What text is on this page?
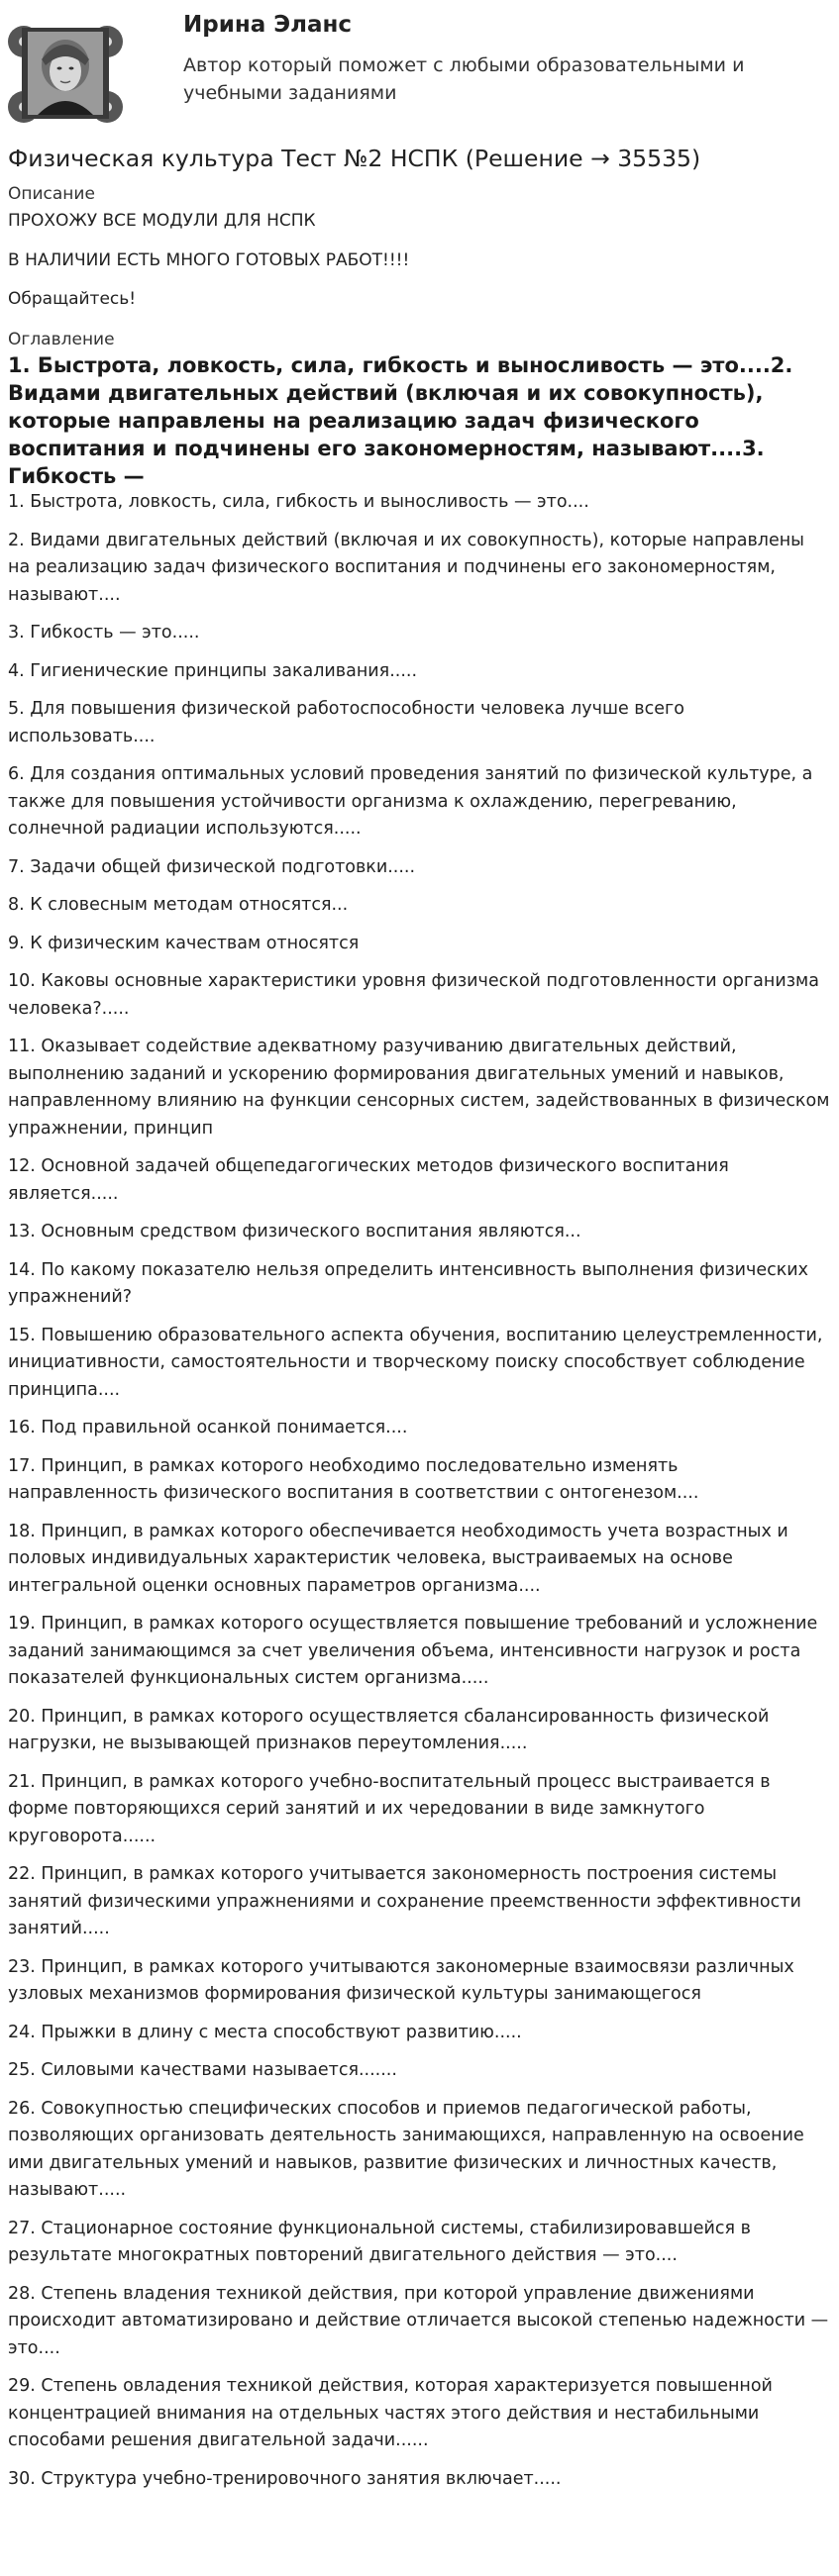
Ирина Эланс
Автор который поможет с любыми образовательными и учебными заданиями
Физическая культура Тест №2 НСПК (Решение → 35535)
Описание
ПРОХОЖУ ВСЕ МОДУЛИ ДЛЯ НСПК
В НАЛИЧИИ ЕСТЬ МНОГО ГОТОВЫХ РАБОТ!!!!
Обращайтесь!
Оглавление
1. Быстрота, ловкость, сила, гибкость и выносливость — это....2. Видами двигательных действий (включая и их совокупность), которые направлены на реализацию задач физического воспитания и подчинены его закономерностям, называют....3. Гибкость —
1. Быстрота, ловкость, сила, гибкость и выносливость — это....
2. Видами двигательных действий (включая и их совокупность), которые направлены на реализацию задач физического воспитания и подчинены его закономерностям, называют....
3. Гибкость — это.....
4. Гигиенические принципы закаливания.....
5. Для повышения физической работоспособности человека лучше всего использовать....
6. Для создания оптимальных условий проведения занятий по физической культуре, а также для повышения устойчивости организма к охлаждению, перегреванию, солнечной радиации используются.....
7. Задачи общей физической подготовки.....
8. К словесным методам относятся...
9. К физическим качествам относятся
10. Каковы основные характеристики уровня физической подготовленности организма человека?.....
11. Оказывает содействие адекватному разучиванию двигательных действий, выполнению заданий и ускорению формирования двигательных умений и навыков, направленному влиянию на функции сенсорных систем, задействованных в физическом упражнении, принцип
12. Основной задачей общепедагогических методов физического воспитания является.....
13. Основным средством физического воспитания являются...
14. По какому показателю нельзя определить интенсивность выполнения физических упражнений?
15. Повышению образовательного аспекта обучения, воспитанию целеустремленности, инициативности, самостоятельности и творческому поиску способствует соблюдение принципа....
16. Под правильной осанкой понимается....
17. Принцип, в рамках которого необходимо последовательно изменять направленность физического воспитания в соответствии с онтогенезом....
18. Принцип, в рамках которого обеспечивается необходимость учета возрастных и половых индивидуальных характеристик человека, выстраиваемых на основе интегральной оценки основных параметров организма....
19. Принцип, в рамках которого осуществляется повышение требований и усложнение заданий занимающимся за счет увеличения объема, интенсивности нагрузок и роста показателей функциональных систем организма.....
20. Принцип, в рамках которого осуществляется сбалансированность физической нагрузки, не вызывающей признаков переутомления.....
21. Принцип, в рамках которого учебно-воспитательный процесс выстраивается в форме повторяющихся серий занятий и их чередовании в виде замкнутого круговорота......
22. Принцип, в рамках которого учитывается закономерность построения системы занятий физическими упражнениями и сохранение преемственности эффективности занятий.....
23. Принцип, в рамках которого учитываются закономерные взаимосвязи различных узловых механизмов формирования физической культуры занимающегося
24. Прыжки в длину с места способствуют развитию.....
25. Силовыми качествами называется.......
26. Совокупностью специфических способов и приемов педагогической работы, позволяющих организовать деятельность занимающихся, направленную на освоение ими двигательных умений и навыков, развитие физических и личностных качеств, называют.....
27. Стационарное состояние функциональной системы, стабилизировавшейся в результате многократных повторений двигательного действия — это....
28. Степень владения техникой действия, при которой управление движениями происходит автоматизировано и действие отличается высокой степенью надежности — это....
29. Степень овладения техникой действия, которая характеризуется повышенной концентрацией внимания на отдельных частях этого действия и нестабильными способами решения двигательной задачи......
30. Структура учебно-тренировочного занятия включает.....
